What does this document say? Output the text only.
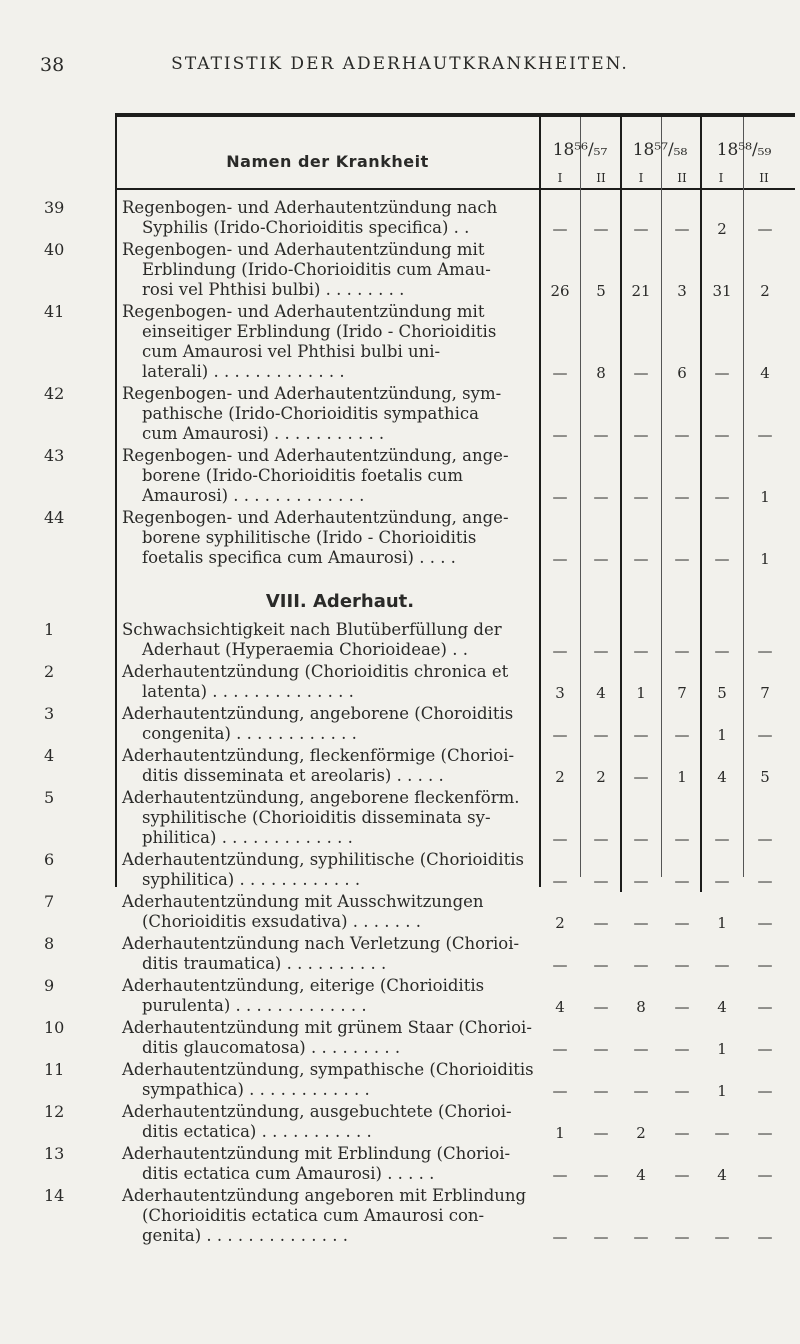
38	STATISTIK DER ADERHAUTKRANKHEITEN.
Namen der Krankheit
18⁵⁶/₅₇	18⁵⁷/₅₈	18⁵⁸/₅₉
I	II	I	II	I	II
VIII. Aderhaut.
39	Regenbogen- und Aderhautentzündung nach
Syphilis (Irido-Chorioiditis specifica) . .	—	—	—	—	2	—
40	Regenbogen- und Aderhautentzündung mit
Erblindung (Irido-Chorioiditis cum Amau-
rosi vel Phthisi bulbi) . . . . . . . .	26	5	21	3	31	2
41	Regenbogen- und Aderhautentzündung mit
einseitiger Erblindung (Irido - Chorioiditis
cum Amaurosi vel Phthisi bulbi uni-
laterali) . . . . . . . . . . . . .	—	8	—	6	—	4
42	Regenbogen- und Aderhautentzündung, sym-
pathische (Irido-Chorioiditis sympathica
cum Amaurosi) . . . . . . . . . . .	—	—	—	—	—	—
43	Regenbogen- und Aderhautentzündung, ange-
borene (Irido-Chorioiditis foetalis cum
Amaurosi) . . . . . . . . . . . . .	—	—	—	—	—	1
44	Regenbogen- und Aderhautentzündung, ange-
borene syphilitische (Irido - Chorioiditis
foetalis specifica cum Amaurosi) . . . .	—	—	—	—	—	1
1	Schwachsichtigkeit nach Blutüberfüllung der
Aderhaut (Hyperaemia Chorioideae) . .	—	—	—	—	—	—
2	Aderhautentzündung (Chorioiditis chronica et
latenta) . . . . . . . . . . . . . .	3	4	1	7	5	7
3	Aderhautentzündung, angeborene (Choroiditis
congenita) . . . . . . . . . . . .	—	—	—	—	1	—
4	Aderhautentzündung, fleckenförmige (Chorioi-
ditis disseminata et areolaris) . . . . .	2	2	—	1	4	5
5	Aderhautentzündung, angeborene fleckenförm.
syphilitische (Chorioiditis disseminata sy-
philitica) . . . . . . . . . . . . .	—	—	—	—	—	—
6	Aderhautentzündung, syphilitische (Chorioiditis
syphilitica) . . . . . . . . . . . .	—	—	—	—	—	—
7	Aderhautentzündung mit Ausschwitzungen
(Chorioiditis exsudativa) . . . . . . .	2	—	—	—	1	—
8	Aderhautentzündung nach Verletzung (Chorioi-
ditis traumatica) . . . . . . . . . .	—	—	—	—	—	—
9	Aderhautentzündung, eiterige (Chorioiditis
purulenta) . . . . . . . . . . . . .	4	—	8	—	4	—
10	Aderhautentzündung mit grünem Staar (Chorioi-
ditis glaucomatosa) . . . . . . . . .	—	—	—	—	1	—
11	Aderhautentzündung, sympathische (Chorioiditis
sympathica) . . . . . . . . . . . .	—	—	—	—	1	—
12	Aderhautentzündung, ausgebuchtete (Chorioi-
ditis ectatica) . . . . . . . . . . .	1	—	2	—	—	—
13	Aderhautentzündung mit Erblindung (Chorioi-
ditis ectatica cum Amaurosi) . . . . .	—	—	4	—	4	—
14	Aderhautentzündung angeboren mit Erblindung
(Chorioiditis ectatica cum Amaurosi con-
genita) . . . . . . . . . . . . . .	—	—	—	—	—	—
